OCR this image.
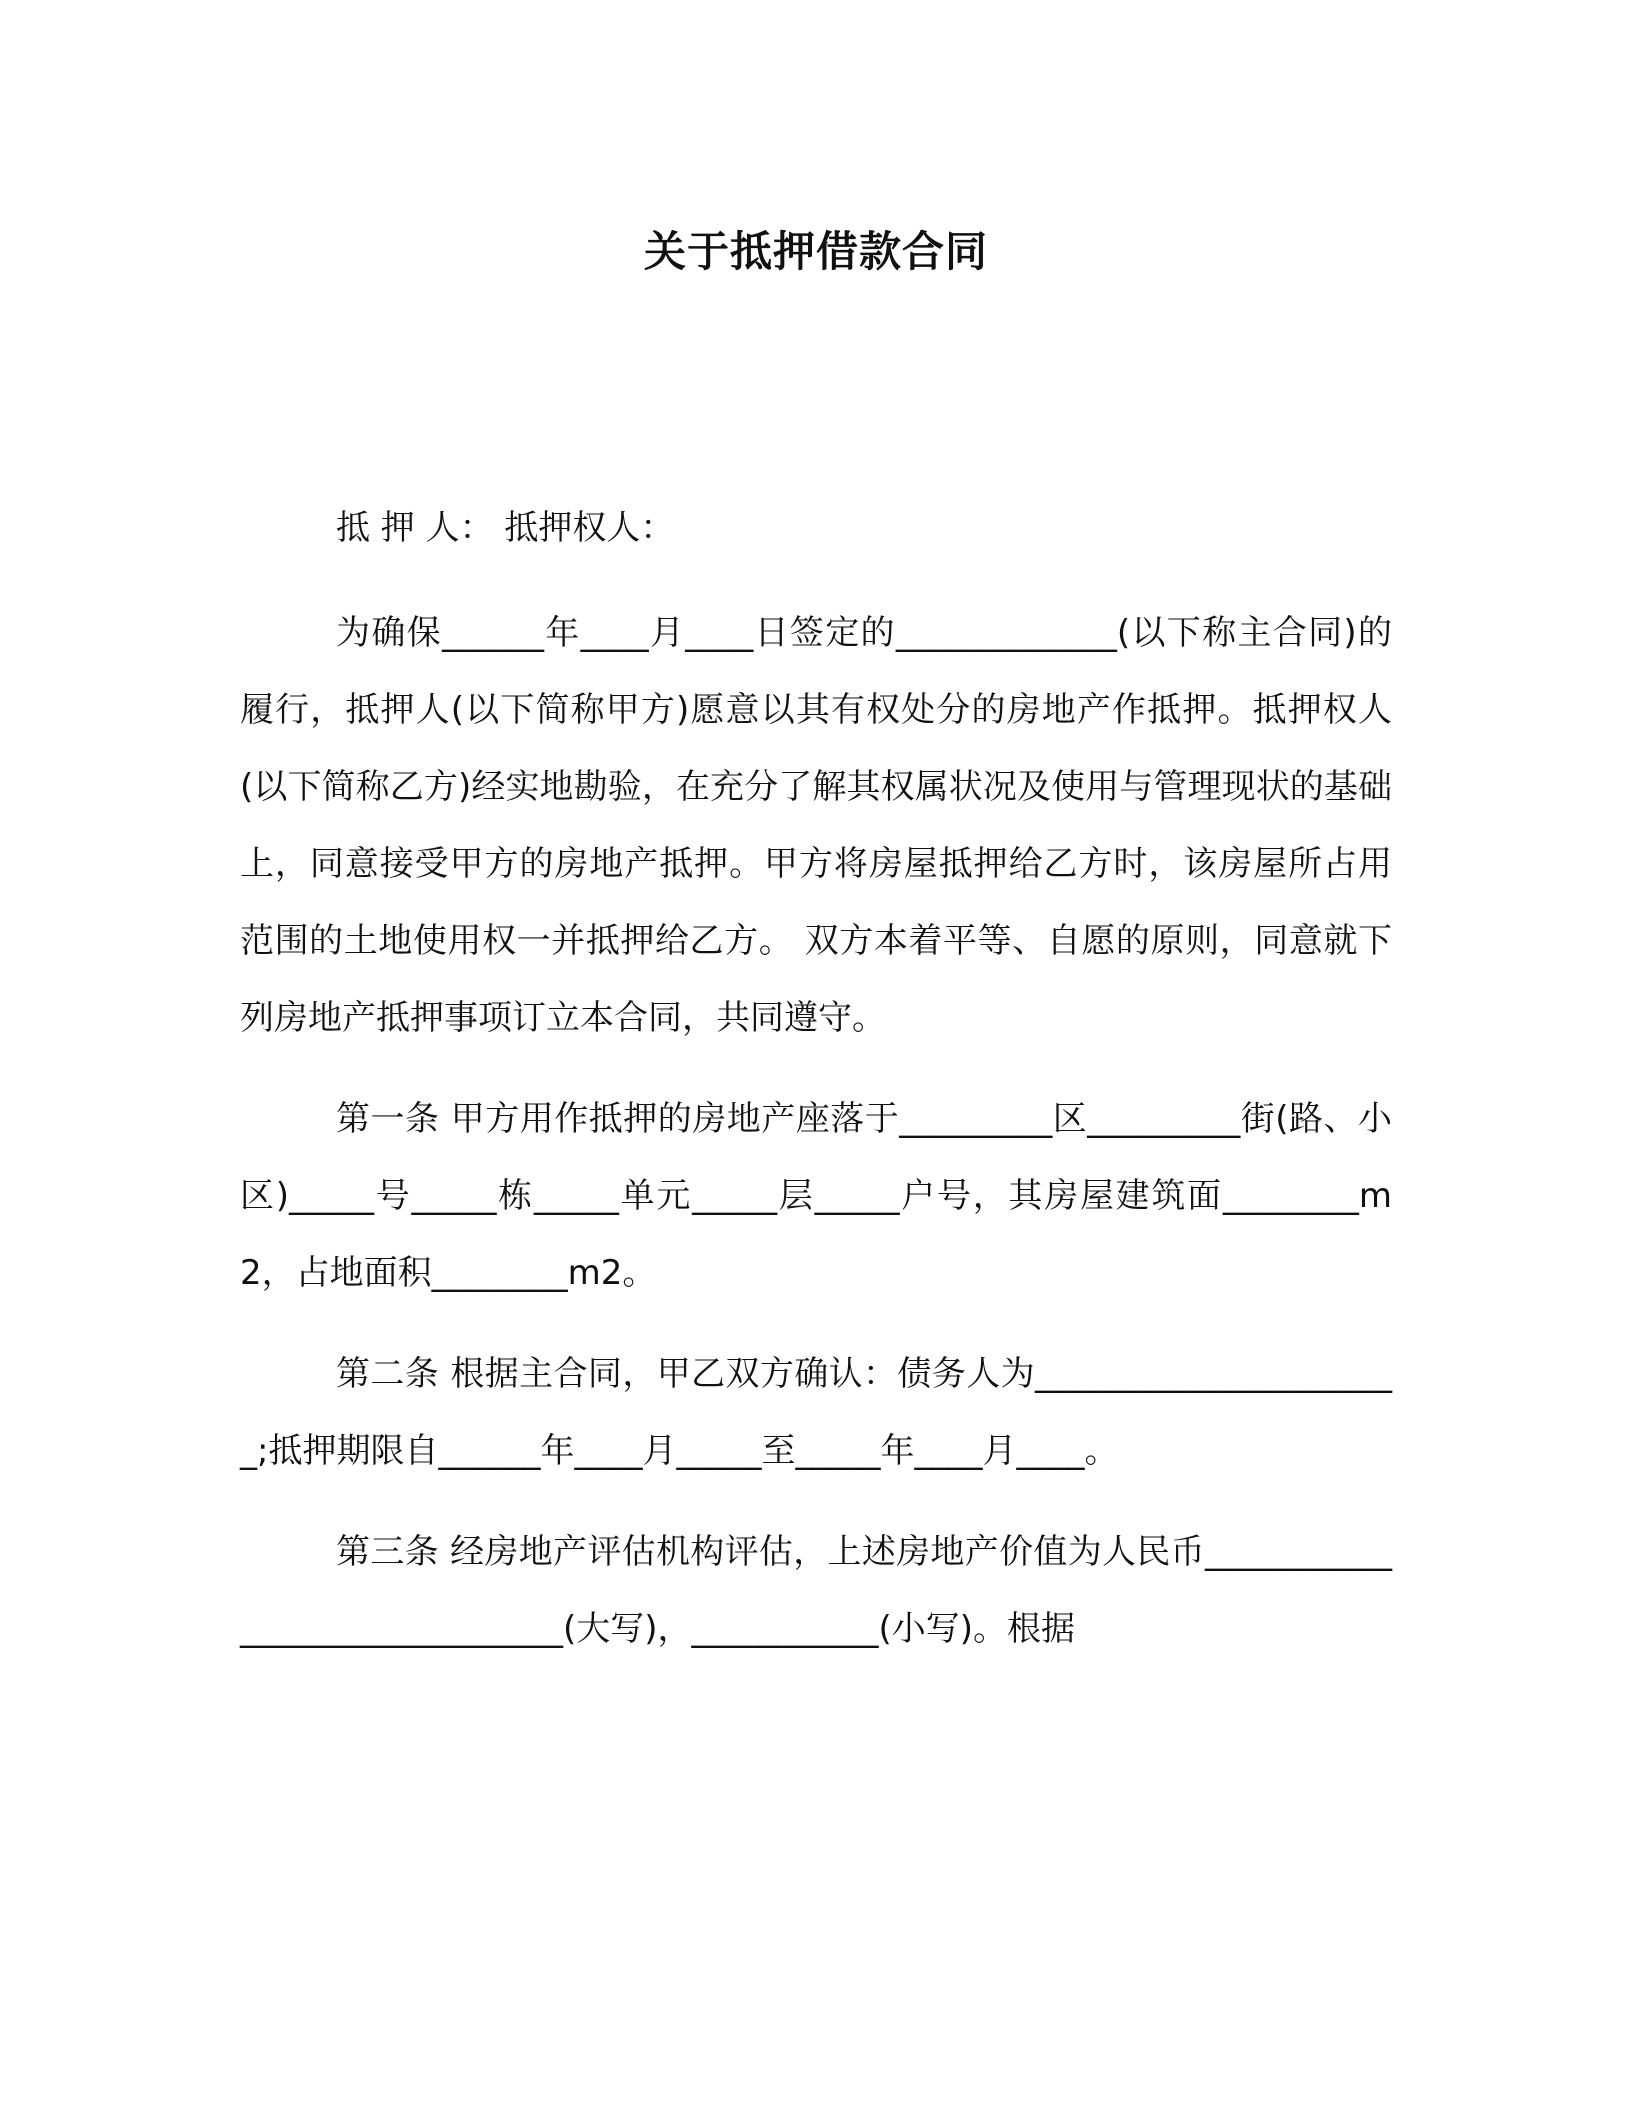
关于抵押借款合同

抵 押 人： 抵押权人：

为确保______年____月____日签定的_____________(以下称主合同)的履行，抵押人(以下简称甲方)愿意以其有权处分的房地产作抵押。抵押权人(以下简称乙方)经实地勘验，在充分了解其权属状况及使用与管理现状的基础上，同意接受甲方的房地产抵押。甲方将房屋抵押给乙方时，该房屋所占用范围的土地使用权一并抵押给乙方。 双方本着平等、自愿的原则，同意就下列房地产抵押事项订立本合同，共同遵守。

第一条 甲方用作抵押的房地产座落于_________区_________街(路、小区)_____号_____栋_____单元_____层_____户号，其房屋建筑面________m2，占地面积________m2。

第二条 根据主合同，甲乙双方确认：债务人为______________________;抵押期限自______年____月_____至_____年____月____。

第三条 经房地产评估机构评估，上述房地产价值为人民币______________________________(大写)，___________(小写)。根据
